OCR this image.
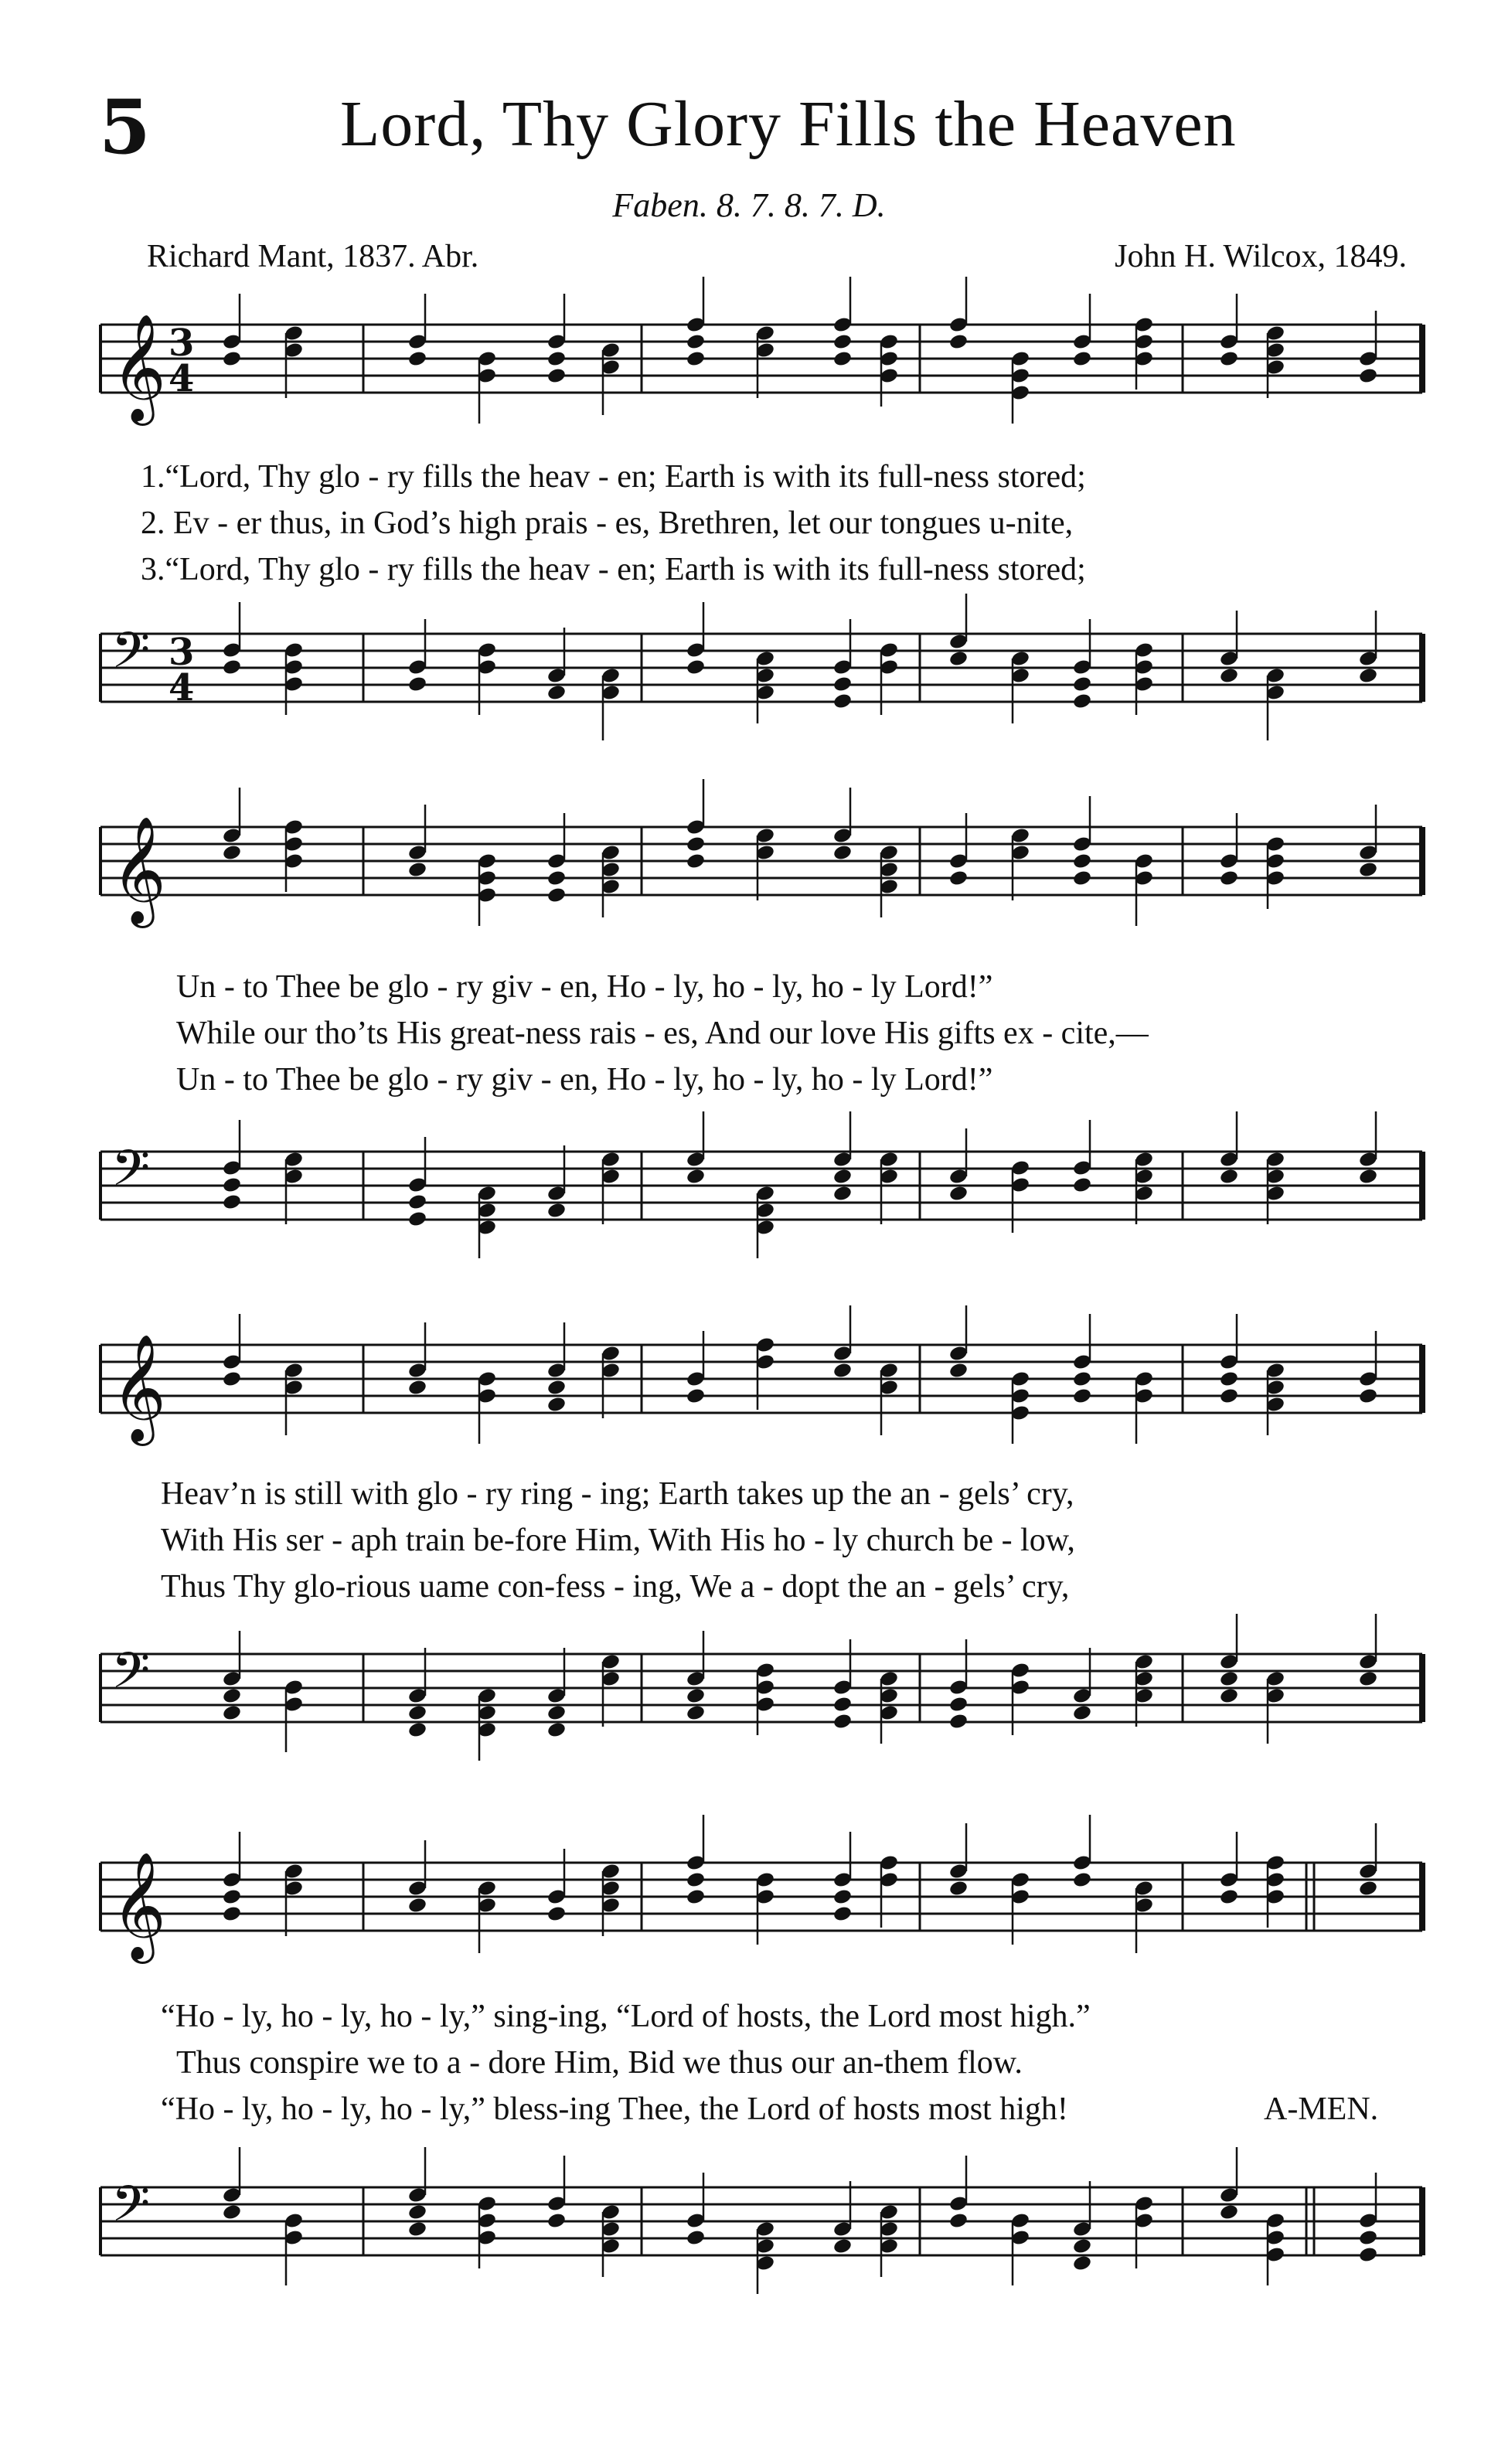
5	Lord, Thy Glory Fills the Heaven
Faben. 8. 7. 8. 7. D.
Richard Mant, 1837. Abr.	John H. Wilcox, 1849.
𝄞 3
4
1.“Lord, Thy glo - ry fills the heav - en; Earth is with its full-ness stored;
2. Ev - er thus, in God’s high prais - es, Brethren, let our tongues u-nite,
3.“Lord, Thy glo - ry fills the heav - en; Earth is with its full-ness stored;
𝄢 3
4
𝄞
Un - to Thee be glo - ry giv - en, Ho - ly, ho - ly, ho - ly Lord!”
While our tho’ts His great-ness rais - es, And our love His gifts ex - cite,—
Un - to Thee be glo - ry giv - en, Ho - ly, ho - ly, ho - ly Lord!”
𝄢
𝄞
Heav’n is still with glo - ry ring - ing; Earth takes up the an - gels’ cry,
With His ser - aph train be-fore Him, With His ho - ly church be - low,
Thus Thy glo-rious uame con-fess - ing, We a - dopt the an - gels’ cry,
𝄢
𝄞
“Ho - ly, ho - ly, ho - ly,” sing-ing, “Lord of hosts, the Lord most high.”
Thus conspire we to a - dore Him, Bid we thus our an-them flow.
“Ho - ly, ho - ly, ho - ly,” bless-ing Thee, the Lord of hosts most high!	A-MEN.
𝄢
